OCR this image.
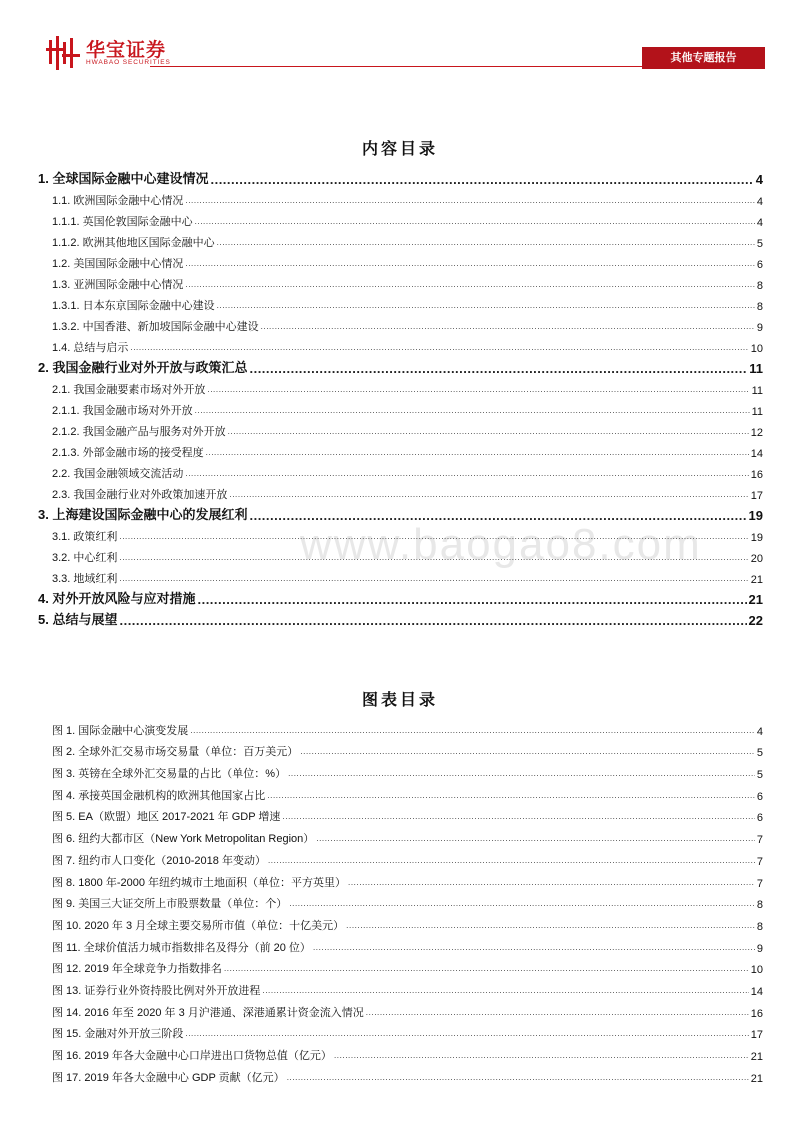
华宝证券
HWABAO SECURITIES	其他专题报告
www.baogao8.com
内容目录
1. 全球国际金融中心建设情况 .....	4
1.1. 欧洲国际金融中心情况 .....	4
1.1.1. 英国伦敦国际金融中心 .....	4
1.1.2. 欧洲其他地区国际金融中心 .....	5
1.2. 美国国际金融中心情况 .....	6
1.3. 亚洲国际金融中心情况 .....	8
1.3.1. 日本东京国际金融中心建设 .....	8
1.3.2. 中国香港、新加坡国际金融中心建设 .....	9
1.4. 总结与启示 .....	10
2. 我国金融行业对外开放与政策汇总 .....	11
2.1. 我国金融要素市场对外开放 .....	11
2.1.1. 我国金融市场对外开放 .....	11
2.1.2. 我国金融产品与服务对外开放 .....	12
2.1.3. 外部金融市场的接受程度 .....	14
2.2. 我国金融领域交流活动 .....	16
2.3. 我国金融行业对外政策加速开放 .....	17
3. 上海建设国际金融中心的发展红利 .....	19
3.1. 政策红利 .....	19
3.2. 中心红利 .....	20
3.3. 地域红利 .....	21
4. 对外开放风险与应对措施 .....	21
5. 总结与展望 .....	22
图表目录
图 1. 国际金融中心演变发展 .....	4
图 2. 全球外汇交易市场交易量（单位：百万美元） .....	5
图 3. 英镑在全球外汇交易量的占比（单位：%） .....	5
图 4. 承接英国金融机构的欧洲其他国家占比 .....	6
图 5. EA（欧盟）地区 2017-2021 年 GDP 增速 .....	6
图 6. 纽约大都市区（New York Metropolitan Region） .....	7
图 7. 纽约市人口变化（2010-2018 年变动） .....	7
图 8. 1800 年-2000 年纽约城市土地面积（单位：平方英里） .....	7
图 9. 美国三大证交所上市股票数量（单位：个） .....	8
图 10. 2020 年 3 月全球主要交易所市值（单位：十亿美元） .....	8
图 11. 全球价值活力城市指数排名及得分（前 20 位） .....	9
图 12. 2019 年全球竞争力指数排名 .....	10
图 13. 证券行业外资持股比例对外开放进程 .....	14
图 14. 2016 年至 2020 年 3 月沪港通、深港通累计资金流入情况 .....	16
图 15. 金融对外开放三阶段 .....	17
图 16. 2019 年各大金融中心口岸进出口货物总值（亿元） .....	21
图 17. 2019 年各大金融中心 GDP 贡献（亿元） .....	21
